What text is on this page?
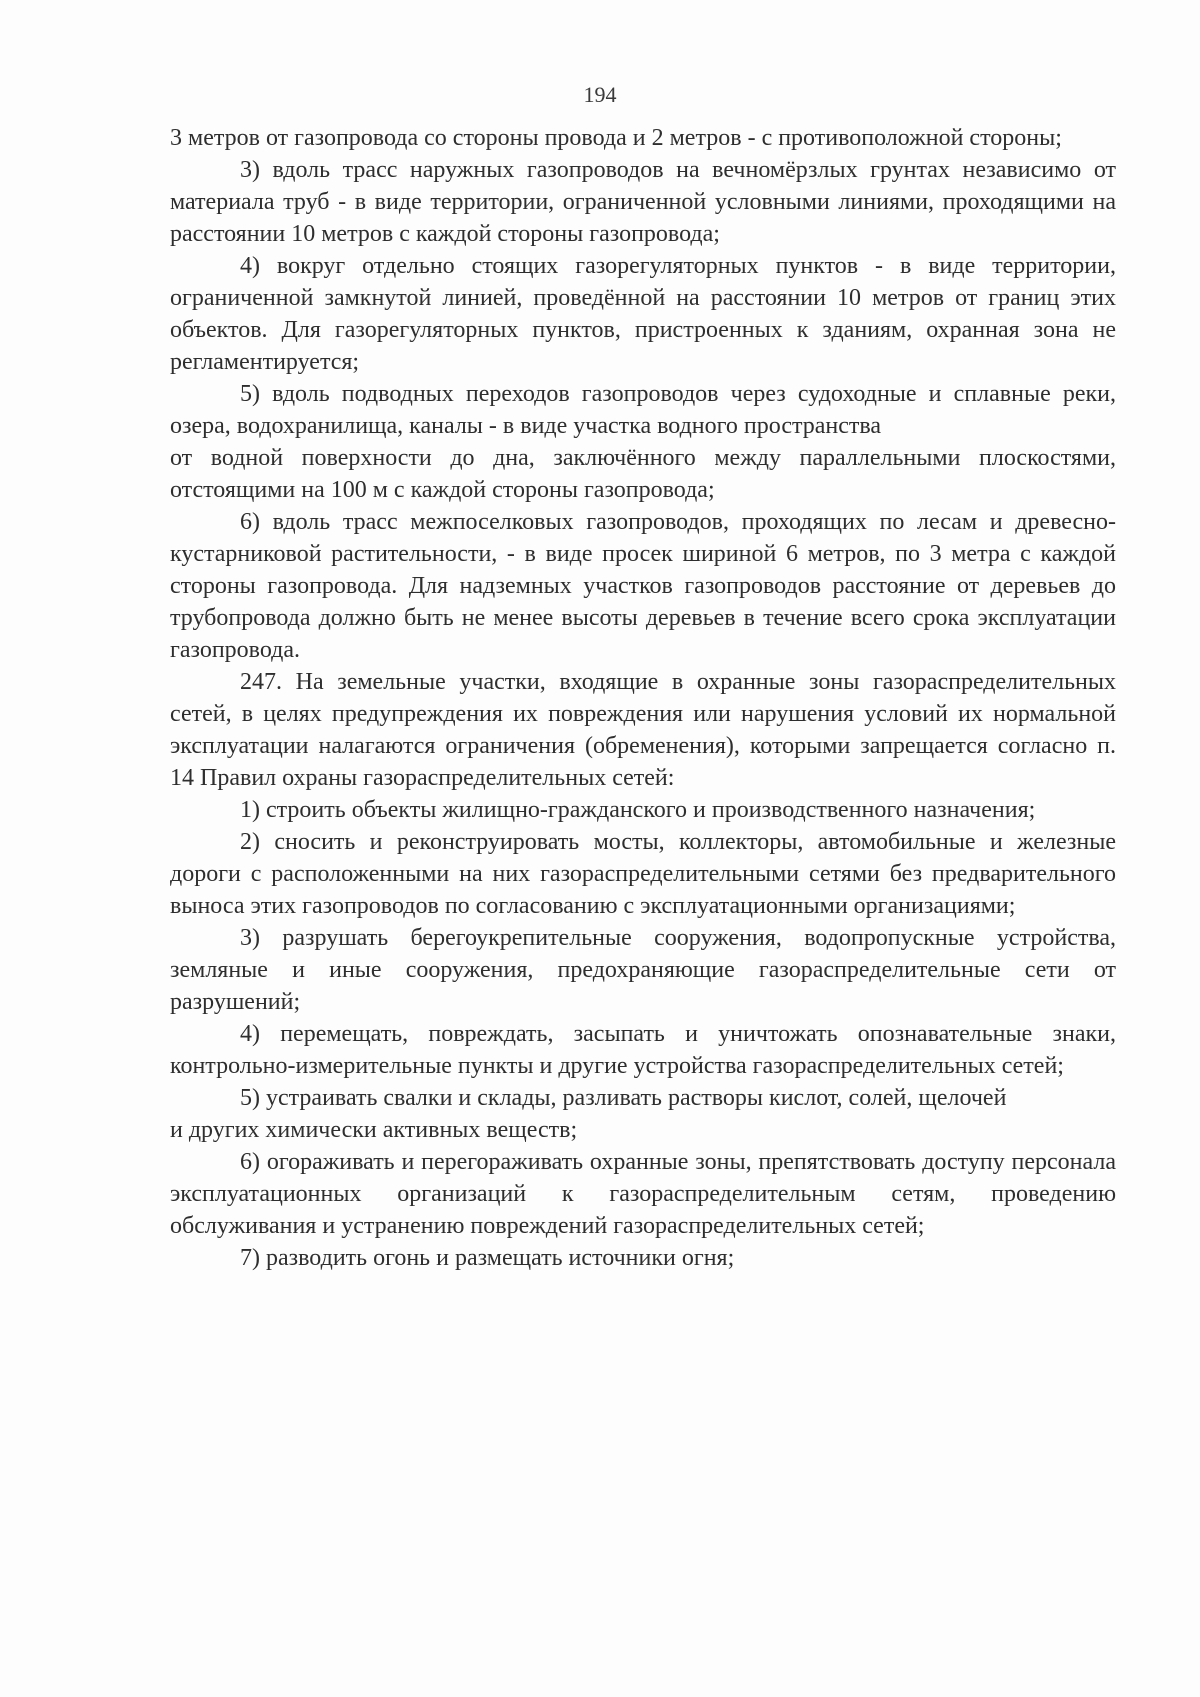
194

3 метров от газопровода со стороны провода и 2 метров - с противоположной стороны;

3) вдоль трасс наружных газопроводов на вечномёрзлых грунтах независимо от материала труб - в виде территории, ограниченной условными линиями, проходящими на расстоянии 10 метров с каждой стороны газопровода;

4) вокруг отдельно стоящих газорегуляторных пунктов - в виде территории, ограниченной замкнутой линией, проведённой на расстоянии 10 метров от границ этих объектов. Для газорегуляторных пунктов, пристроенных к зданиям, охранная зона не регламентируется;

5) вдоль подводных переходов газопроводов через судоходные и сплавные реки, озера, водохранилища, каналы - в виде участка водного пространства

от водной поверхности до дна, заключённого между параллельными плоскостями, отстоящими на 100 м с каждой стороны газопровода;

6) вдоль трасс межпоселковых газопроводов, проходящих по лесам и древесно-кустарниковой растительности, - в виде просек шириной 6 метров, по 3 метра с каждой стороны газопровода. Для надземных участков газопроводов расстояние от деревьев до трубопровода должно быть не менее высоты деревьев в течение всего срока эксплуатации газопровода.

247. На земельные участки, входящие в охранные зоны газораспределительных сетей, в целях предупреждения их повреждения или нарушения условий их нормальной эксплуатации налагаются ограничения (обременения), которыми запрещается согласно п. 14 Правил охраны газораспределительных сетей:

1) строить объекты жилищно-гражданского и производственного назначения;

2) сносить и реконструировать мосты, коллекторы, автомобильные и железные дороги с расположенными на них газораспределительными сетями без предварительного выноса этих газопроводов по согласованию с эксплуатационными организациями;

3) разрушать берегоукрепительные сооружения, водопропускные устройства, земляные и иные сооружения, предохраняющие газораспределительные сети от разрушений;

4) перемещать, повреждать, засыпать и уничтожать опознавательные знаки, контрольно-измерительные пункты и другие устройства газораспределительных сетей;

5) устраивать свалки и склады, разливать растворы кислот, солей, щелочей

и других химически активных веществ;

6) огораживать и перегораживать охранные зоны, препятствовать доступу персонала эксплуатационных организаций к газораспределительным сетям, проведению обслуживания и устранению повреждений газораспределительных сетей;

7) разводить огонь и размещать источники огня;
